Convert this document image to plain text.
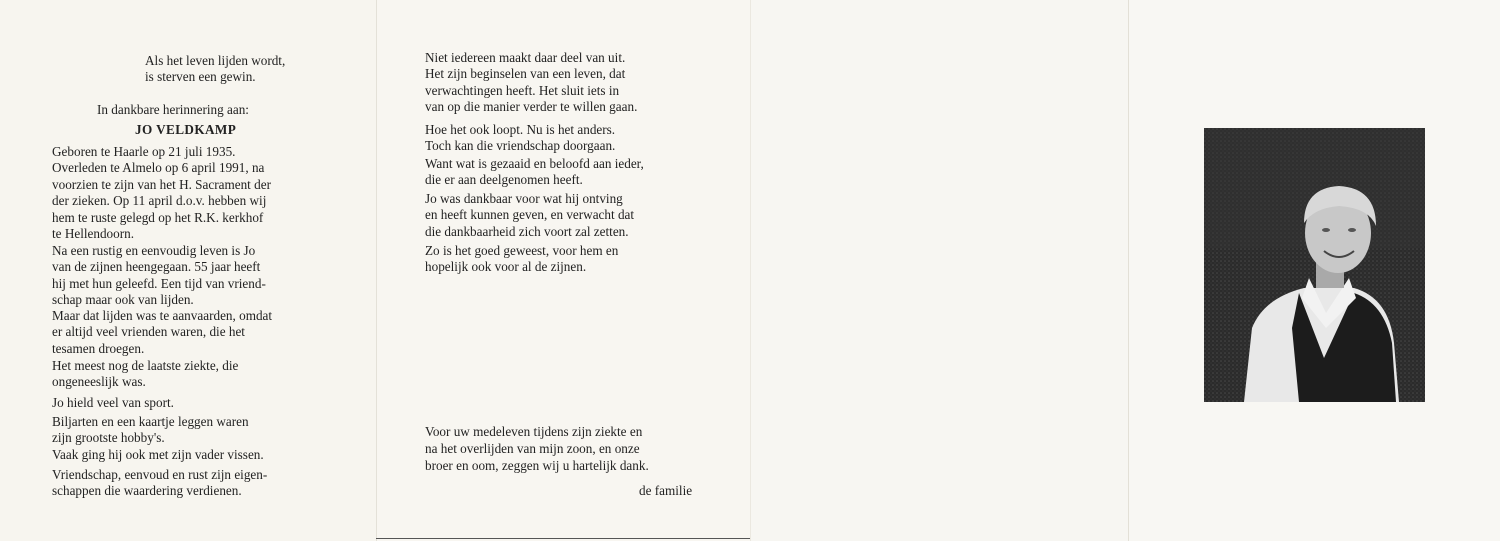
Als het leven lijden wordt,
is sterven een gewin.
In dankbare herinnering aan:
JO VELDKAMP
Geboren te Haarle op 21 juli 1935.
Overleden te Almelo op 6 april 1991, na
voorzien te zijn van het H. Sacrament der
der zieken. Op 11 april d.o.v. hebben wij
hem te ruste gelegd op het R.K. kerkhof
te Hellendoorn.
Na een rustig en eenvoudig leven is Jo
van de zijnen heengegaan. 55 jaar heeft
hij met hun geleefd. Een tijd van vriend-
schap maar ook van lijden.
Maar dat lijden was te aanvaarden, omdat
er altijd veel vrienden waren, die het
tesamen droegen.
Het meest nog de laatste ziekte, die
ongeneeslijk was.
Jo hield veel van sport.
Biljarten en een kaartje leggen waren
zijn grootste hobby's.
Vaak ging hij ook met zijn vader vissen.
Vriendschap, eenvoud en rust zijn eigen-
schappen die waardering verdienen.
Niet iedereen maakt daar deel van uit.
Het zijn beginselen van een leven, dat
verwachtingen heeft. Het sluit iets in
van op die manier verder te willen gaan.
Hoe het ook loopt. Nu is het anders.
Toch kan die vriendschap doorgaan.
Want wat is gezaaid en beloofd aan ieder,
die er aan deelgenomen heeft.
Jo was dankbaar voor wat hij ontving
en heeft kunnen geven, en verwacht dat
die dankbaarheid zich voort zal zetten.
Zo is het goed geweest, voor hem en
hopelijk ook voor al de zijnen.
Voor uw medeleven tijdens zijn ziekte en
na het overlijden van mijn zoon, en onze
broer en oom, zeggen wij u hartelijk dank.
de familie
